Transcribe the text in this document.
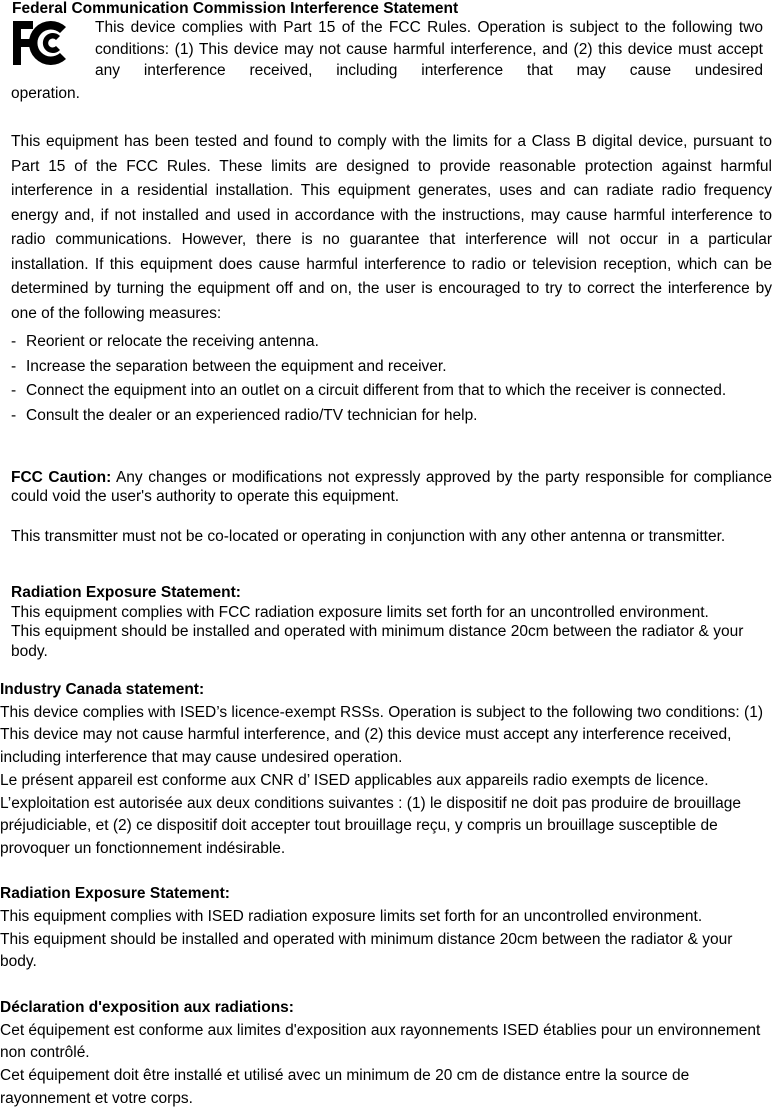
Federal Communication Commission Interference Statement
This device complies with Part 15 of the FCC Rules. Operation is subject to the following two conditions: (1) This device may not cause harmful interference, and (2) this device must accept any interference received, including interference that may cause undesired
operation.
This equipment has been tested and found to comply with the limits for a Class B digital device, pursuant to Part 15 of the FCC Rules. These limits are designed to provide reasonable protection against harmful interference in a residential installation. This equipment generates, uses and can radiate radio frequency energy and, if not installed and used in accordance with the instructions, may cause harmful interference to radio communications. However, there is no guarantee that interference will not occur in a particular installation. If this equipment does cause harmful interference to radio or television reception, which can be determined by turning the equipment off and on, the user is encouraged to try to correct the interference by one of the following measures:
- Reorient or relocate the receiving antenna.
- Increase the separation between the equipment and receiver.
- Connect the equipment into an outlet on a circuit different from that to which the receiver is connected.
- Consult the dealer or an experienced radio/TV technician for help.
FCC Caution: Any changes or modifications not expressly approved by the party responsible for compliance could void the user's authority to operate this equipment.
This transmitter must not be co-located or operating in conjunction with any other antenna or transmitter.
Radiation Exposure Statement:
This equipment complies with FCC radiation exposure limits set forth for an uncontrolled environment.
This equipment should be installed and operated with minimum distance 20cm between the radiator & your body.
Industry Canada statement:
This device complies with ISED’s licence-exempt RSSs. Operation is subject to the following two conditions: (1) This device may not cause harmful interference, and (2) this device must accept any interference received, including interference that may cause undesired operation.
Le présent appareil est conforme aux CNR d’ ISED applicables aux appareils radio exempts de licence. L’exploitation est autorisée aux deux conditions suivantes : (1) le dispositif ne doit pas produire de brouillage préjudiciable, et (2) ce dispositif doit accepter tout brouillage reçu, y compris un brouillage susceptible de provoquer un fonctionnement indésirable.
Radiation Exposure Statement:
This equipment complies with ISED radiation exposure limits set forth for an uncontrolled environment.
This equipment should be installed and operated with minimum distance 20cm between the radiator & your body.
Déclaration d'exposition aux radiations:
Cet équipement est conforme aux limites d'exposition aux rayonnements ISED établies pour un environnement non contrôlé.
Cet équipement doit être installé et utilisé avec un minimum de 20 cm de distance entre la source de rayonnement et votre corps.
